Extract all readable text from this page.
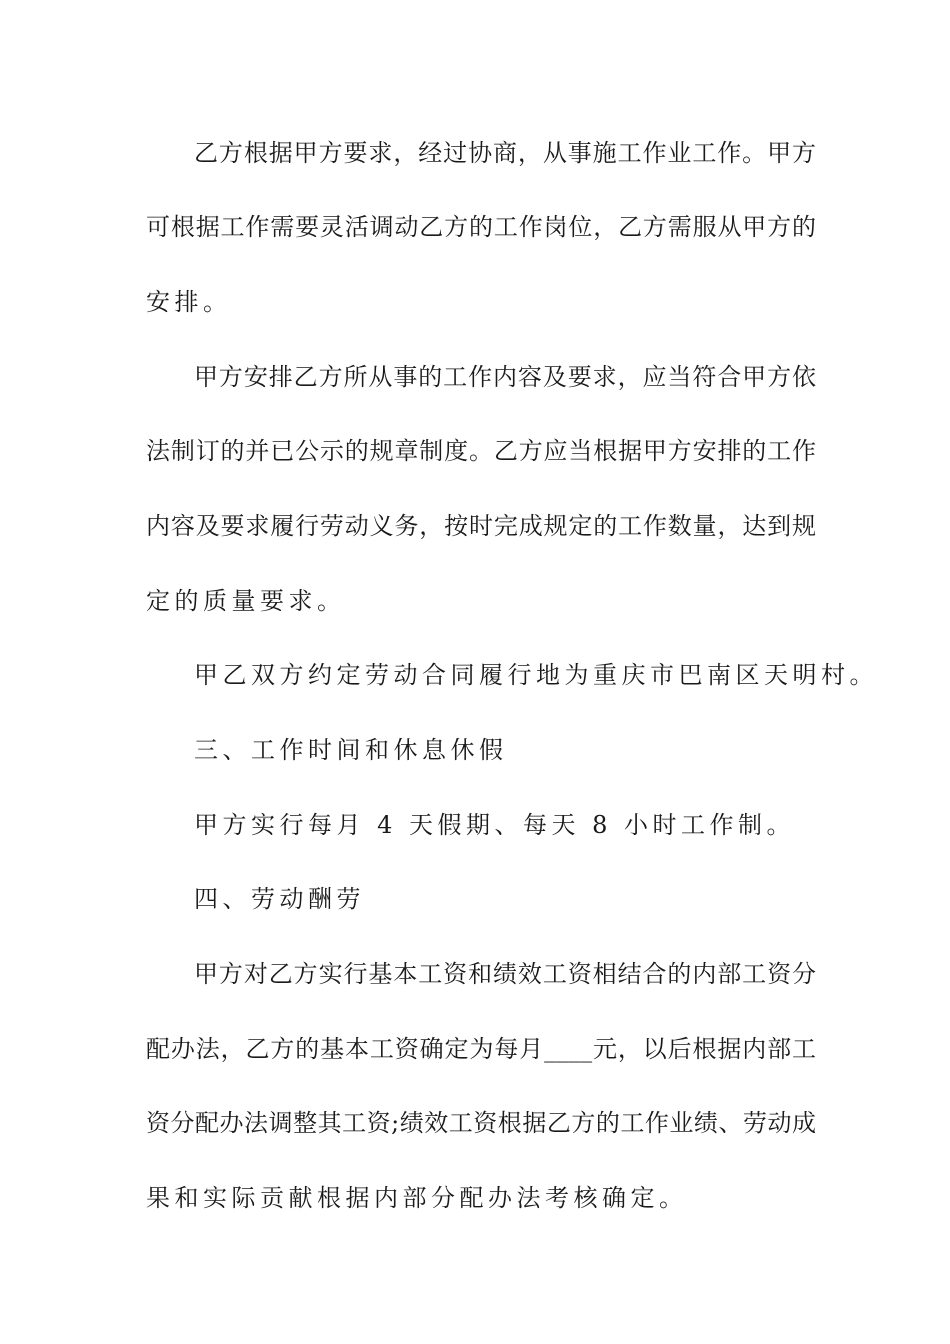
乙方根据甲方要求，经过协商，从事施工作业工作。甲方
可根据工作需要灵活调动乙方的工作岗位，乙方需服从甲方的
安排。
甲方安排乙方所从事的工作内容及要求，应当符合甲方依
法制订的并已公示的规章制度。乙方应当根据甲方安排的工作
内容及要求履行劳动义务，按时完成规定的工作数量，达到规
定的质量要求。
甲乙双方约定劳动合同履行地为重庆市巴南区天明村。
三、工作时间和休息休假
甲方实行每月 4 天假期、每天 8 小时工作制。
四、劳动酬劳
甲方对乙方实行基本工资和绩效工资相结合的内部工资分
配办法，乙方的基本工资确定为每月____元，以后根据内部工
资分配办法调整其工资;绩效工资根据乙方的工作业绩、劳动成
果和实际贡献根据内部分配办法考核确定。
